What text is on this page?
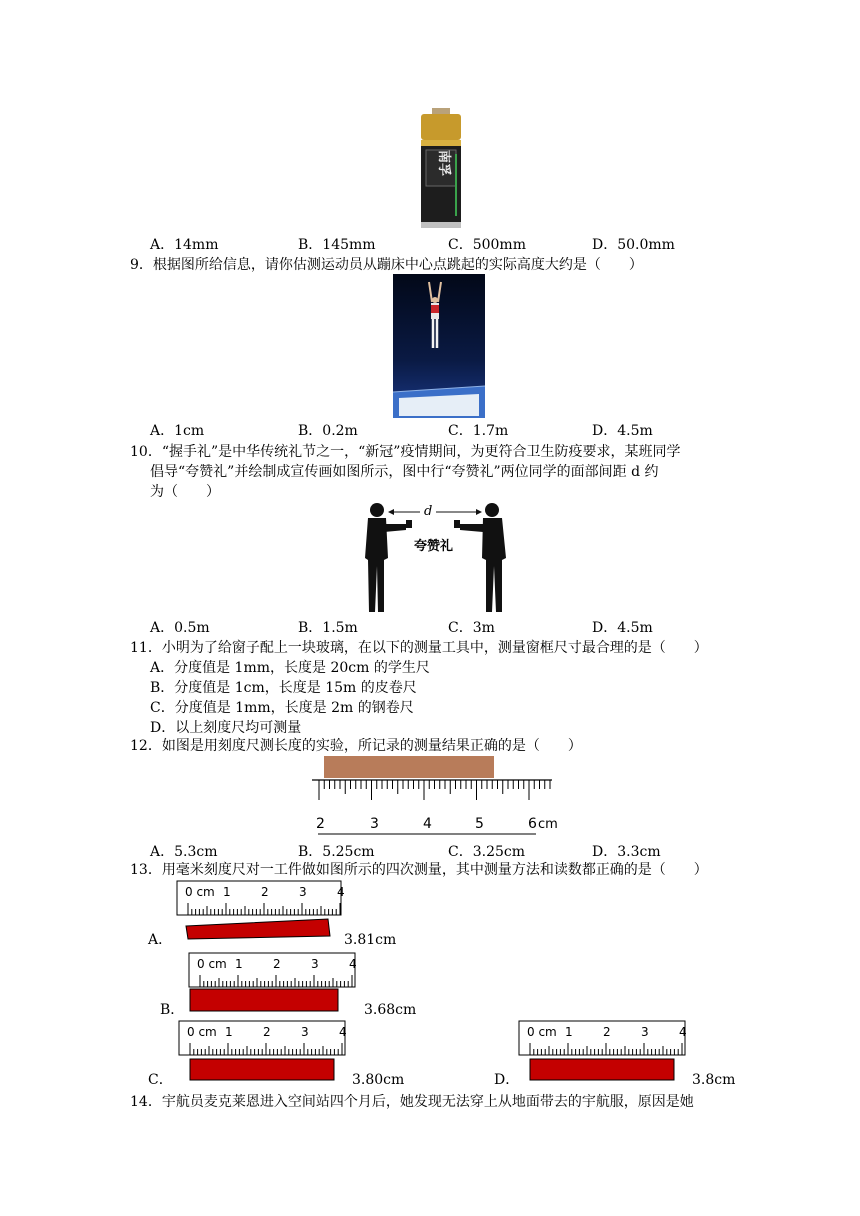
南孚
A．14mm	B．145mm	C．500mm	D．50.0mm
9．根据图所给信息，请你估测运动员从蹦床中心点跳起的实际高度大约是（　　）
A．1cm	B．0.2m	C．1.7m	D．4.5m
10．“握手礼”是中华传统礼节之一，“新冠”疫情期间，为更符合卫生防疫要求，某班同学
倡导“夸赞礼”并绘制成宣传画如图所示，图中行“夸赞礼”两位同学的面部间距 d 约
为（　　）
d
夸赞礼
A．0.5m	B．1.5m	C．3m	D．4.5m
11．小明为了给窗子配上一块玻璃，在以下的测量工具中，测量窗框尺寸最合理的是（　　）
A．分度值是 1mm，长度是 20cm 的学生尺
B．分度值是 1cm，长度是 15m 的皮卷尺
C．分度值是 1mm，长度是 2m 的钢卷尺
D．以上刻度尺均可测量
12．如图是用刻度尺测长度的实验，所记录的测量结果正确的是（　　）
2	3	4	5	6 cm
A．5.3cm	B．5.25cm	C．3.25cm	D．3.3cm
13．用毫米刻度尺对一工件做如图所示的四次测量，其中测量方法和读数都正确的是（　　）
0 cm 1	2	3	4
A．	3.81cm
0 cm 1	2	3	4
B．	3.68cm
0 cm 1	2	3	4
C．	3.80cm
0 cm 1	2	3	4
D．	3.8cm
14．宇航员麦克莱恩进入空间站四个月后，她发现无法穿上从地面带去的宇航服，原因是她
